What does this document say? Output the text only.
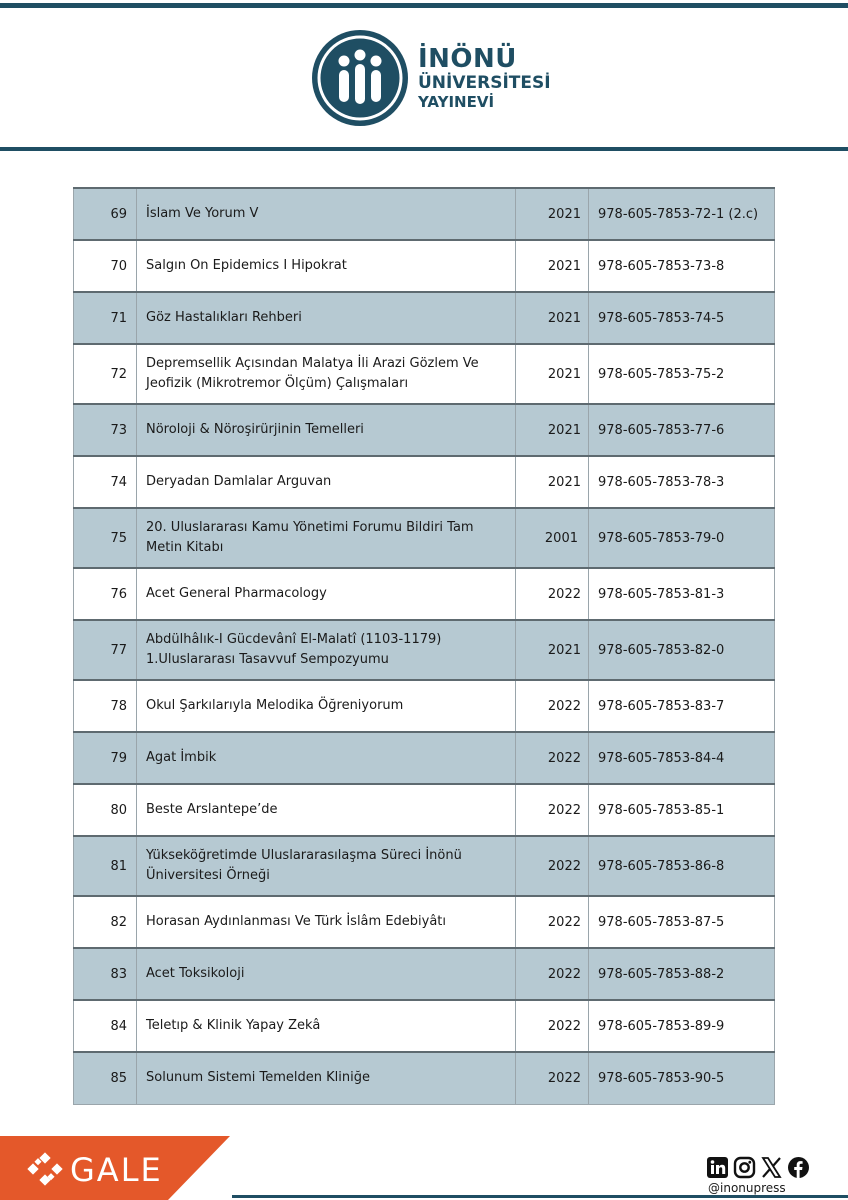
İNÖNÜ
ÜNİVERSİTESİ
YAYINEVİ
69	İslam Ve Yorum V	2021	978-605-7853-72-1 (2.c)
70	Salgın On Epidemics I Hipokrat	2021	978-605-7853-73-8
71	Göz Hastalıkları Rehberi	2021	978-605-7853-74-5
72	Depremsellik Açısından Malatya İli Arazi Gözlem Ve Jeofizik (Mikrotremor Ölçüm) Çalışmaları	2021	978-605-7853-75-2
73	Nöroloji & Nöroşirürjinin Temelleri	2021	978-605-7853-77-6
74	Deryadan Damlalar Arguvan	2021	978-605-7853-78-3
75	20. Uluslararası Kamu Yönetimi Forumu Bildiri Tam Metin Kitabı	2001	978-605-7853-79-0
76	Acet General Pharmacology	2022	978-605-7853-81-3
77	Abdülhâlık-I Gücdevânî El-Malatî (1103-1179) 1.Uluslararası Tasavvuf Sempozyumu	2021	978-605-7853-82-0
78	Okul Şarkılarıyla Melodika Öğreniyorum	2022	978-605-7853-83-7
79	Agat İmbik	2022	978-605-7853-84-4
80	Beste Arslantepe’de	2022	978-605-7853-85-1
81	Yükseköğretimde Uluslararasılaşma Süreci İnönü Üniversitesi Örneği	2022	978-605-7853-86-8
82	Horasan Aydınlanması Ve Türk İslâm Edebiyâtı	2022	978-605-7853-87-5
83	Acet Toksikoloji	2022	978-605-7853-88-2
84	Teletıp & Klinik Yapay Zekâ	2022	978-605-7853-89-9
85	Solunum Sistemi Temelden Kliniğe	2022	978-605-7853-90-5
GALE	@inonupress
